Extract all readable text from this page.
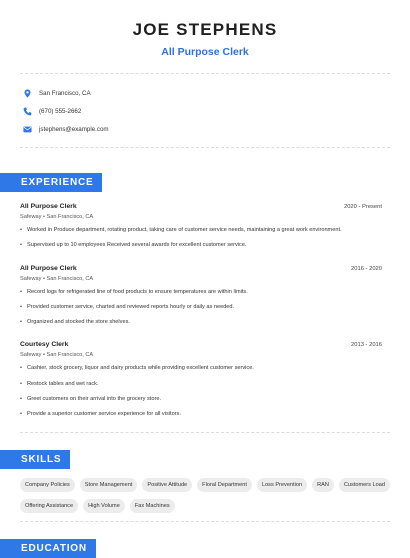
JOE STEPHENS
All Purpose Clerk
San Francisco, CA
(670) 555-2662
jstephens@example.com
EXPERIENCE
All Purpose Clerk	2020 - Present
Safeway • San Francisco, CA
• Worked in Produce department, rotating product, taking care of customer service needs, maintaining a great work environment.
• Supervised up to 10 employees Received several awards for excellent customer service.
All Purpose Clerk	2016 - 2020
Safeway • San Francisco, CA
• Record logs for refrigerated line of food products to ensure temperatures are within limits.
• Provided customer service, charted and reviewed reports hourly or daily as needed.
• Organized and stocked the store shelves.
Courtesy Clerk	2013 - 2016
Safeway • San Francisco, CA
• Cashier, stock grocery, liquor and dairy products while providing excellent customer service.
• Restock tables and wet rack.
• Greet customers on their arrival into the grocery store.
• Provide a superior customer service experience for all visitors.
SKILLS
Company Policies	Store Management	Positive Attitude	Floral Department	Loss Prevention	RAN	Customers Load
Offering Assistance	High Volume	Fax Machines
EDUCATION
